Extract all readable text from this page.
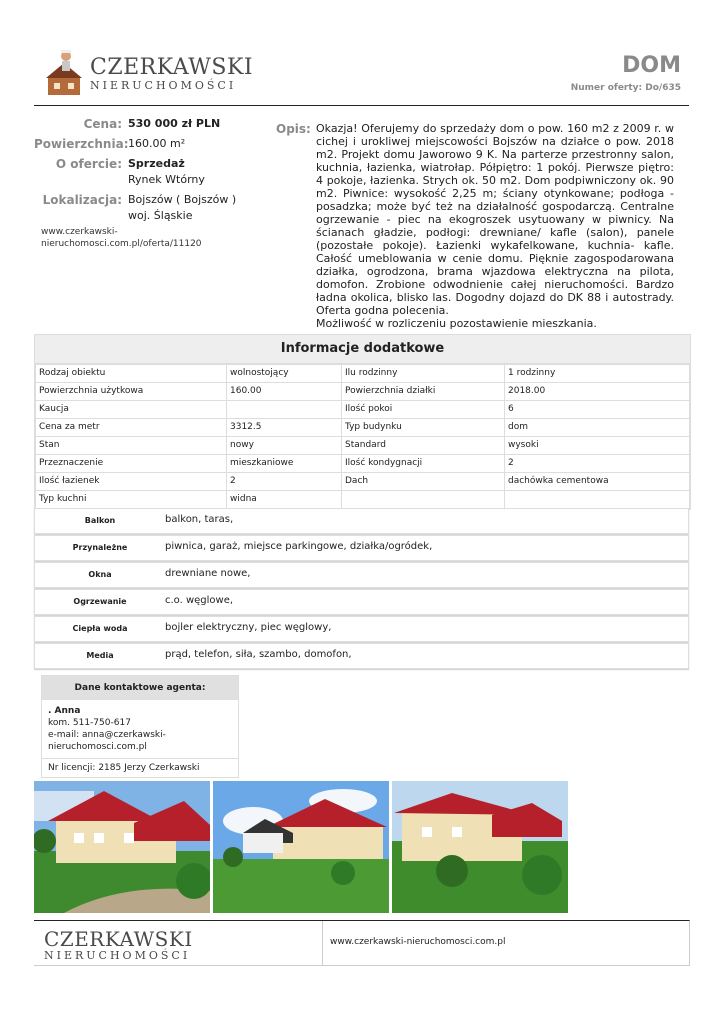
CZERKAWSKI
NIERUCHOMOŚCI
DOM
Numer oferty: Do/635
Cena: 530 000 zł PLN
Powierzchnia: 160.00 m²
O ofercie: Sprzedaż
Rynek Wtórny
Lokalizacja: Bojszów ( Bojszów )
woj. Śląskie
www.czerkawski-nieruchomosci.com.pl/oferta/11120
Opis: Okazja! Oferujemy do sprzedaży dom o pow. 160 m2 z 2009 r. w cichej i urokliwej miejscowości Bojszów na działce o pow. 2018 m2. Projekt domu Jaworowo 9 K. Na parterze przestronny salon, kuchnia, łazienka, wiatrołap. Półpiętro: 1 pokój. Pierwsze piętro: 4 pokoje, łazienka. Strych ok. 50 m2. Dom podpiwniczony ok. 90 m2. Piwnice: wysokość 2,25 m; ściany otynkowane; podłoga - posadzka; może być też na działalność gospodarczą. Centralne ogrzewanie - piec na ekogroszek usytuowany w piwnicy. Na ścianach gładzie, podłogi: drewniane/ kafle (salon), panele (pozostałe pokoje). Łazienki wykafelkowane, kuchnia- kafle. Całość umeblowania w cenie domu. Pięknie zagospodarowana działka, ogrodzona, brama wjazdowa elektryczna na pilota, domofon. Zrobione odwodnienie całej nieruchomości. Bardzo ładna okolica, blisko las. Dogodny dojazd do DK 88 i autostrady. Oferta godna polecenia.
Możliwość w rozliczeniu pozostawienie mieszkania.
Informacje dodatkowe
Rodzaj obiektu	wolnostojący	Ilu rodzinny	1 rodzinny
Powierzchnia użytkowa	160.00	Powierzchnia działki	2018.00
Kaucja		Ilość pokoi	6
Cena za metr	3312.5	Typ budynku	dom
Stan	nowy	Standard	wysoki
Przeznaczenie	mieszkaniowe	Ilość kondygnacji	2
Ilość łazienek	2	Dach	dachówka cementowa
Typ kuchni	widna		
Balkon	balkon, taras,
Przynależne	piwnica, garaż, miejsce parkingowe, działka/ogródek,
Okna	drewniane nowe,
Ogrzewanie	c.o. węglowe,
Ciepła woda	bojler elektryczny, piec węglowy,
Media	prąd, telefon, siła, szambo, domofon,
Dane kontaktowe agenta:
. Anna
kom. 511-750-617
e-mail: anna@czerkawski-nieruchomosci.com.pl
Nr licencji: 2185 Jerzy Czerkawski
CZERKAWSKI
NIERUCHOMOŚCI
www.czerkawski-nieruchomosci.com.pl
